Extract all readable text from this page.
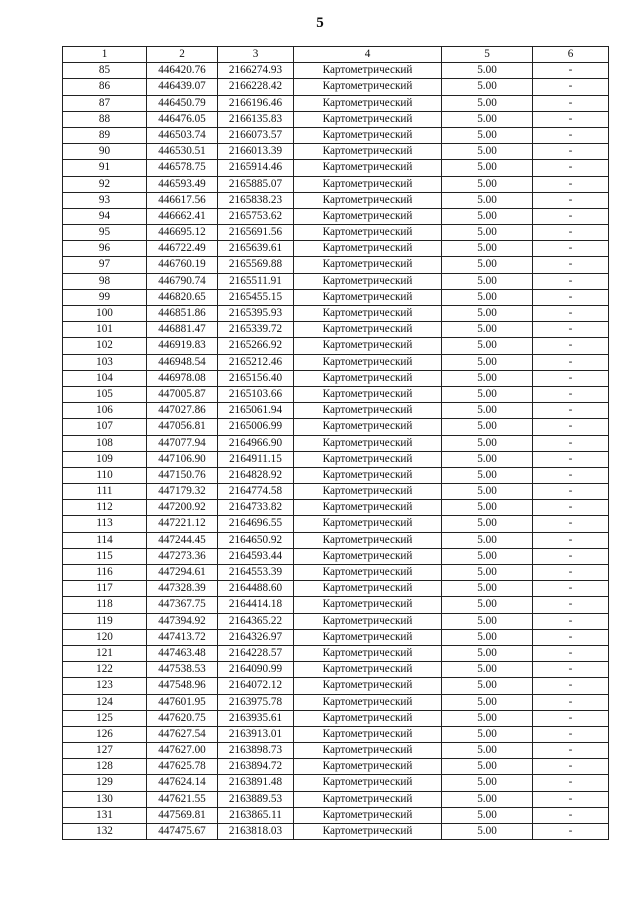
5
1	2	3	4	5	6
85	446420.76	2166274.93	Картометрический	5.00	-
86	446439.07	2166228.42	Картометрический	5.00	-
87	446450.79	2166196.46	Картометрический	5.00	-
88	446476.05	2166135.83	Картометрический	5.00	-
89	446503.74	2166073.57	Картометрический	5.00	-
90	446530.51	2166013.39	Картометрический	5.00	-
91	446578.75	2165914.46	Картометрический	5.00	-
92	446593.49	2165885.07	Картометрический	5.00	-
93	446617.56	2165838.23	Картометрический	5.00	-
94	446662.41	2165753.62	Картометрический	5.00	-
95	446695.12	2165691.56	Картометрический	5.00	-
96	446722.49	2165639.61	Картометрический	5.00	-
97	446760.19	2165569.88	Картометрический	5.00	-
98	446790.74	2165511.91	Картометрический	5.00	-
99	446820.65	2165455.15	Картометрический	5.00	-
100	446851.86	2165395.93	Картометрический	5.00	-
101	446881.47	2165339.72	Картометрический	5.00	-
102	446919.83	2165266.92	Картометрический	5.00	-
103	446948.54	2165212.46	Картометрический	5.00	-
104	446978.08	2165156.40	Картометрический	5.00	-
105	447005.87	2165103.66	Картометрический	5.00	-
106	447027.86	2165061.94	Картометрический	5.00	-
107	447056.81	2165006.99	Картометрический	5.00	-
108	447077.94	2164966.90	Картометрический	5.00	-
109	447106.90	2164911.15	Картометрический	5.00	-
110	447150.76	2164828.92	Картометрический	5.00	-
111	447179.32	2164774.58	Картометрический	5.00	-
112	447200.92	2164733.82	Картометрический	5.00	-
113	447221.12	2164696.55	Картометрический	5.00	-
114	447244.45	2164650.92	Картометрический	5.00	-
115	447273.36	2164593.44	Картометрический	5.00	-
116	447294.61	2164553.39	Картометрический	5.00	-
117	447328.39	2164488.60	Картометрический	5.00	-
118	447367.75	2164414.18	Картометрический	5.00	-
119	447394.92	2164365.22	Картометрический	5.00	-
120	447413.72	2164326.97	Картометрический	5.00	-
121	447463.48	2164228.57	Картометрический	5.00	-
122	447538.53	2164090.99	Картометрический	5.00	-
123	447548.96	2164072.12	Картометрический	5.00	-
124	447601.95	2163975.78	Картометрический	5.00	-
125	447620.75	2163935.61	Картометрический	5.00	-
126	447627.54	2163913.01	Картометрический	5.00	-
127	447627.00	2163898.73	Картометрический	5.00	-
128	447625.78	2163894.72	Картометрический	5.00	-
129	447624.14	2163891.48	Картометрический	5.00	-
130	447621.55	2163889.53	Картометрический	5.00	-
131	447569.81	2163865.11	Картометрический	5.00	-
132	447475.67	2163818.03	Картометрический	5.00	-
